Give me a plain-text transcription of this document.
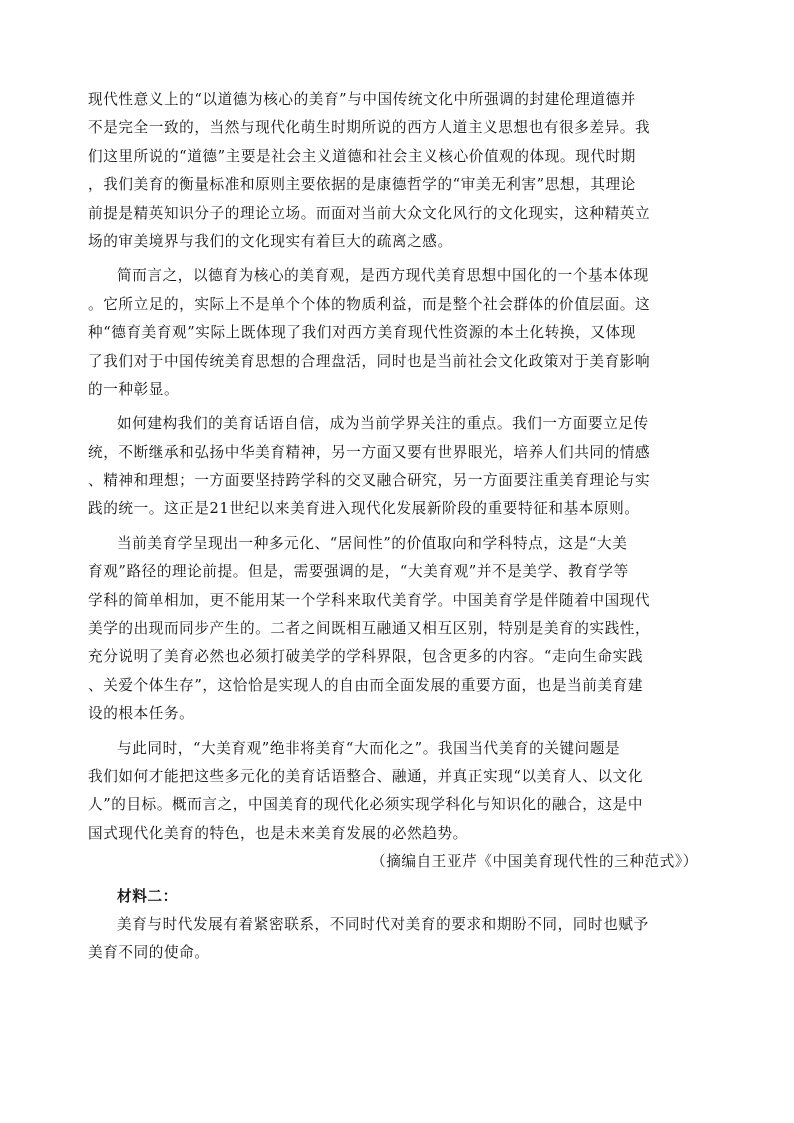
现代性意义上的“以道德为核心的美育”与中国传统文化中所强调的封建伦理道德并
不是完全一致的，当然与现代化萌生时期所说的西方人道主义思想也有很多差异。我
们这里所说的“道德”主要是社会主义道德和社会主义核心价值观的体现。现代时期
，我们美育的衡量标准和原则主要依据的是康德哲学的“审美无利害”思想，其理论
前提是精英知识分子的理论立场。而面对当前大众文化风行的文化现实，这种精英立
场的审美境界与我们的文化现实有着巨大的疏离之感。
简而言之，以德育为核心的美育观，是西方现代美育思想中国化的一个基本体现
。它所立足的，实际上不是单个个体的物质利益，而是整个社会群体的价值层面。这
种“德育美育观”实际上既体现了我们对西方美育现代性资源的本土化转换，又体现
了我们对于中国传统美育思想的合理盘活，同时也是当前社会文化政策对于美育影响
的一种彰显。
如何建构我们的美育话语自信，成为当前学界关注的重点。我们一方面要立足传
统，不断继承和弘扬中华美育精神，另一方面又要有世界眼光，培养人们共同的情感
、精神和理想；一方面要坚持跨学科的交叉融合研究，另一方面要注重美育理论与实
践的统一。这正是21世纪以来美育进入现代化发展新阶段的重要特征和基本原则。
当前美育学呈现出一种多元化、“居间性”的价值取向和学科特点，这是“大美
育观”路径的理论前提。但是，需要强调的是，“大美育观”并不是美学、教育学等
学科的简单相加，更不能用某一个学科来取代美育学。中国美育学是伴随着中国现代
美学的出现而同步产生的。二者之间既相互融通又相互区别，特别是美育的实践性，
充分说明了美育必然也必须打破美学的学科界限，包含更多的内容。“走向生命实践
、关爱个体生存”，这恰恰是实现人的自由而全面发展的重要方面，也是当前美育建
设的根本任务。
与此同时，“大美育观”绝非将美育“大而化之”。我国当代美育的关键问题是
我们如何才能把这些多元化的美育话语整合、融通，并真正实现“以美育人、以文化
人”的目标。概而言之，中国美育的现代化必须实现学科化与知识化的融合，这是中
国式现代化美育的特色，也是未来美育发展的必然趋势。
（摘编自王亚芹《中国美育现代性的三种范式》）
材料二：
美育与时代发展有着紧密联系，不同时代对美育的要求和期盼不同，同时也赋予
美育不同的使命。
